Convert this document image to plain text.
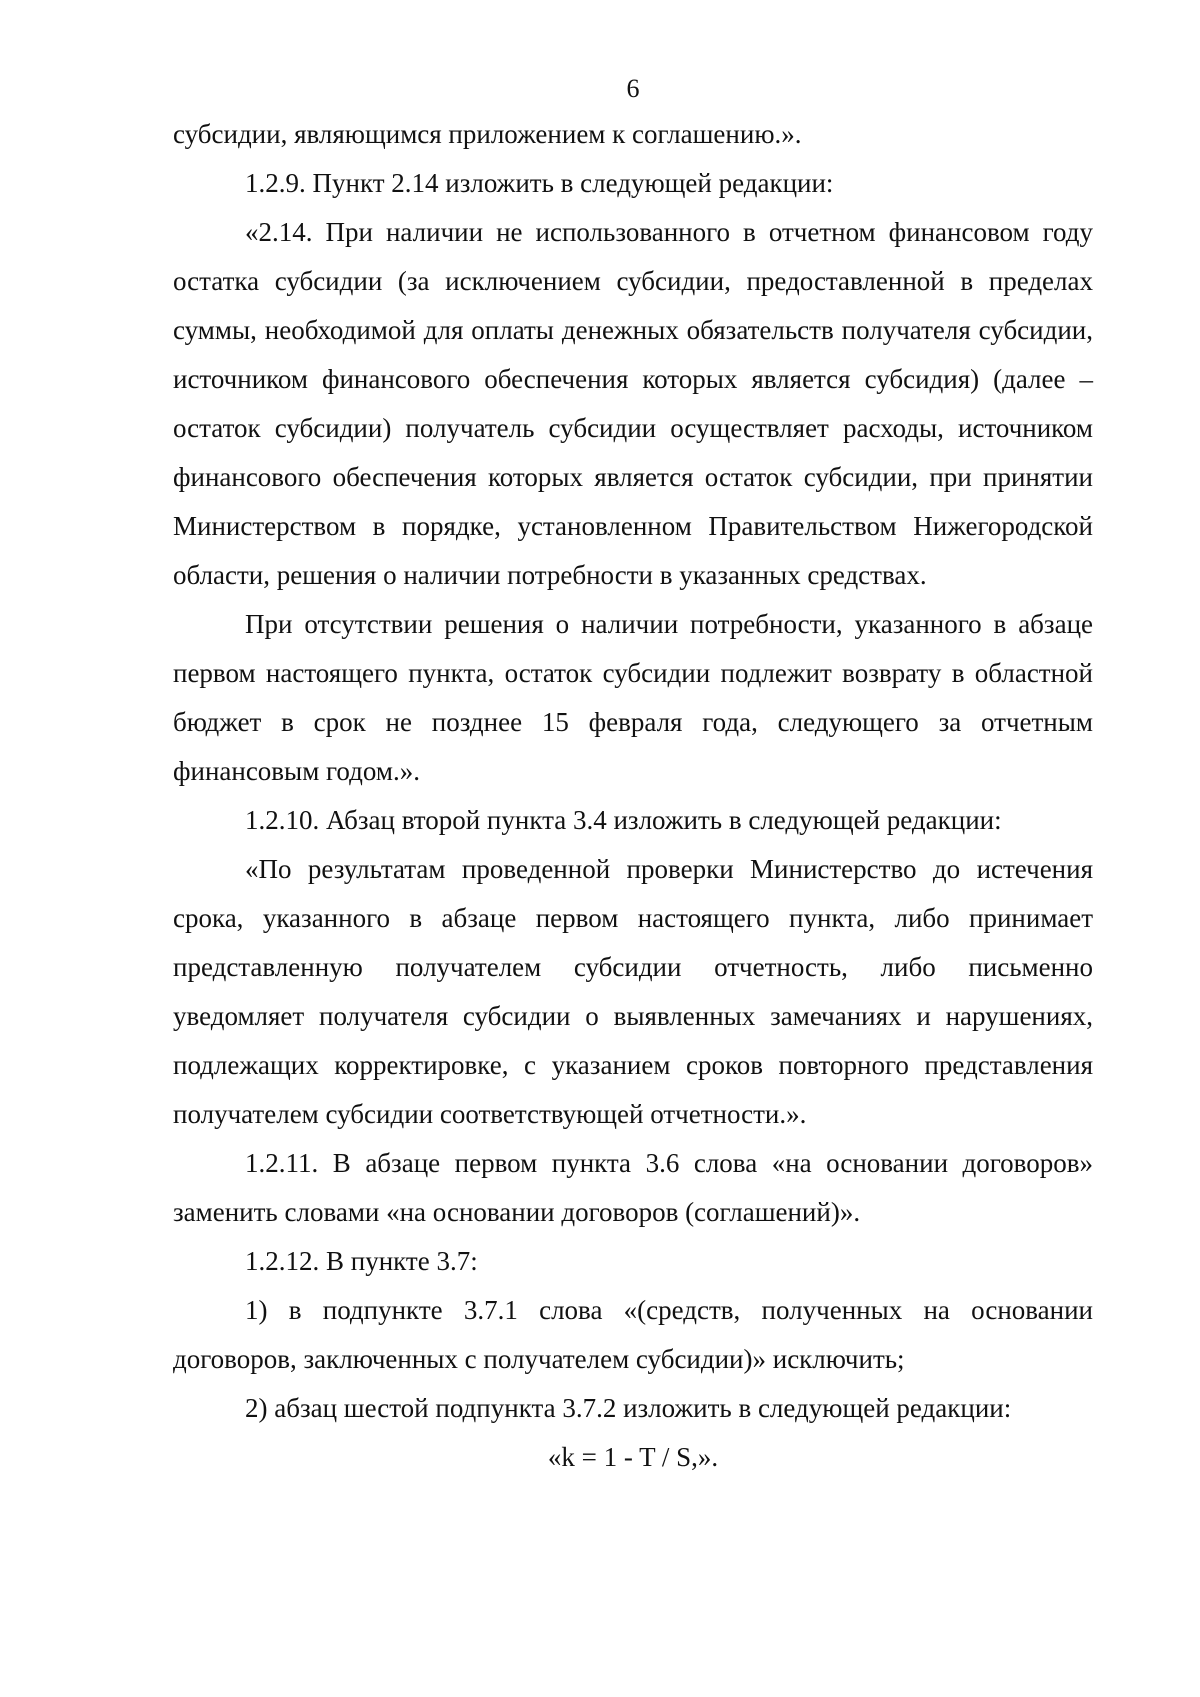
6

субсидии, являющимся приложением к соглашению.».

1.2.9. Пункт 2.14 изложить в следующей редакции:

«2.14. При наличии не использованного в отчетном финансовом году остатка субсидии (за исключением субсидии, предоставленной в пределах суммы, необходимой для оплаты денежных обязательств получателя субсидии, источником финансового обеспечения которых является субсидия) (далее – остаток субсидии) получатель субсидии осуществляет расходы, источником финансового обеспечения которых является остаток субсидии, при принятии Министерством в порядке, установленном Правительством Нижегородской области, решения о наличии потребности в указанных средствах.

При отсутствии решения о наличии потребности, указанного в абзаце первом настоящего пункта, остаток субсидии подлежит возврату в областной бюджет в срок не позднее 15 февраля года, следующего за отчетным финансовым годом.».

1.2.10. Абзац второй пункта 3.4 изложить в следующей редакции:

«По результатам проведенной проверки Министерство до истечения срока, указанного в абзаце первом настоящего пункта, либо принимает представленную получателем субсидии отчетность, либо письменно уведомляет получателя субсидии о выявленных замечаниях и нарушениях, подлежащих корректировке, с указанием сроков повторного представления получателем субсидии соответствующей отчетности.».

1.2.11. В абзаце первом пункта 3.6 слова «на основании договоров» заменить словами «на основании договоров (соглашений)».

1.2.12. В пункте 3.7:

1) в подпункте 3.7.1 слова «(средств, полученных на основании договоров, заключенных с получателем субсидии)» исключить;

2) абзац шестой подпункта 3.7.2 изложить в следующей редакции:

«k = 1 - T / S,».
